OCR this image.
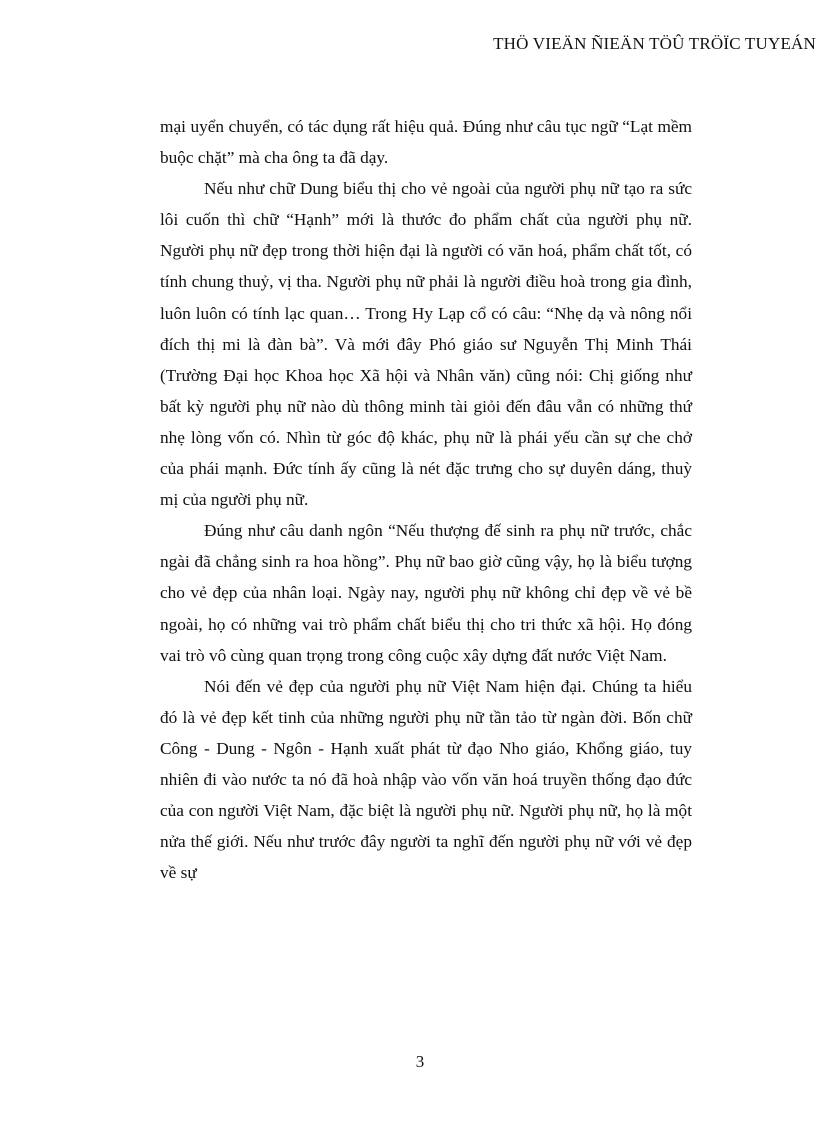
THÖ VIEÄN ÑIEÄN TÖÛ TRÖÏC TUYEÁN

mại uyển chuyển, có tác dụng rất hiệu quả. Đúng như câu tục ngữ “Lạt mềm buộc chặt” mà cha ông ta đã dạy.

Nếu như chữ Dung biểu thị cho vẻ ngoài của người phụ nữ tạo ra sức lôi cuốn thì chữ “Hạnh” mới là thước đo phẩm chất của người phụ nữ. Người phụ nữ đẹp trong thời hiện đại là người có văn hoá, phẩm chất tốt, có tính chung thuỷ, vị tha. Người phụ nữ phải là người điều hoà trong gia đình, luôn luôn có tính lạc quan… Trong Hy Lạp cổ có câu: “Nhẹ dạ và nông nổi đích thị mi là đàn bà”. Và mới đây Phó giáo sư Nguyễn Thị Minh Thái (Trường Đại học Khoa học Xã hội và Nhân văn) cũng nói: Chị giống như bất kỳ người phụ nữ nào dù thông minh tài giỏi đến đâu vẫn có những thứ nhẹ lòng vốn có. Nhìn từ góc độ khác, phụ nữ là phái yếu cần sự che chở của phái mạnh. Đức tính ấy cũng là nét đặc trưng cho sự duyên dáng, thuỳ mị của người phụ nữ.

Đúng như câu danh ngôn “Nếu thượng đế sinh ra phụ nữ trước, chắc ngài đã chẳng sinh ra hoa hồng”. Phụ nữ bao giờ cũng vậy, họ là biểu tượng cho vẻ đẹp của nhân loại. Ngày nay, người phụ nữ không chỉ đẹp về vẻ bề ngoài, họ có những vai trò phẩm chất biểu thị cho tri thức xã hội. Họ đóng vai trò vô cùng quan trọng trong công cuộc xây dựng đất nước Việt Nam.

Nói đến vẻ đẹp của người phụ nữ Việt Nam hiện đại. Chúng ta hiểu đó là vẻ đẹp kết tinh của những người phụ nữ tần tảo từ ngàn đời. Bốn chữ Công - Dung - Ngôn - Hạnh xuất phát từ đạo Nho giáo, Khổng giáo, tuy nhiên đi vào nước ta nó đã hoà nhập vào vốn văn hoá truyền thống đạo đức của con người Việt Nam, đặc biệt là người phụ nữ. Người phụ nữ, họ là một nửa thế giới. Nếu như trước đây người ta nghĩ đến người phụ nữ với vẻ đẹp về sự

3
